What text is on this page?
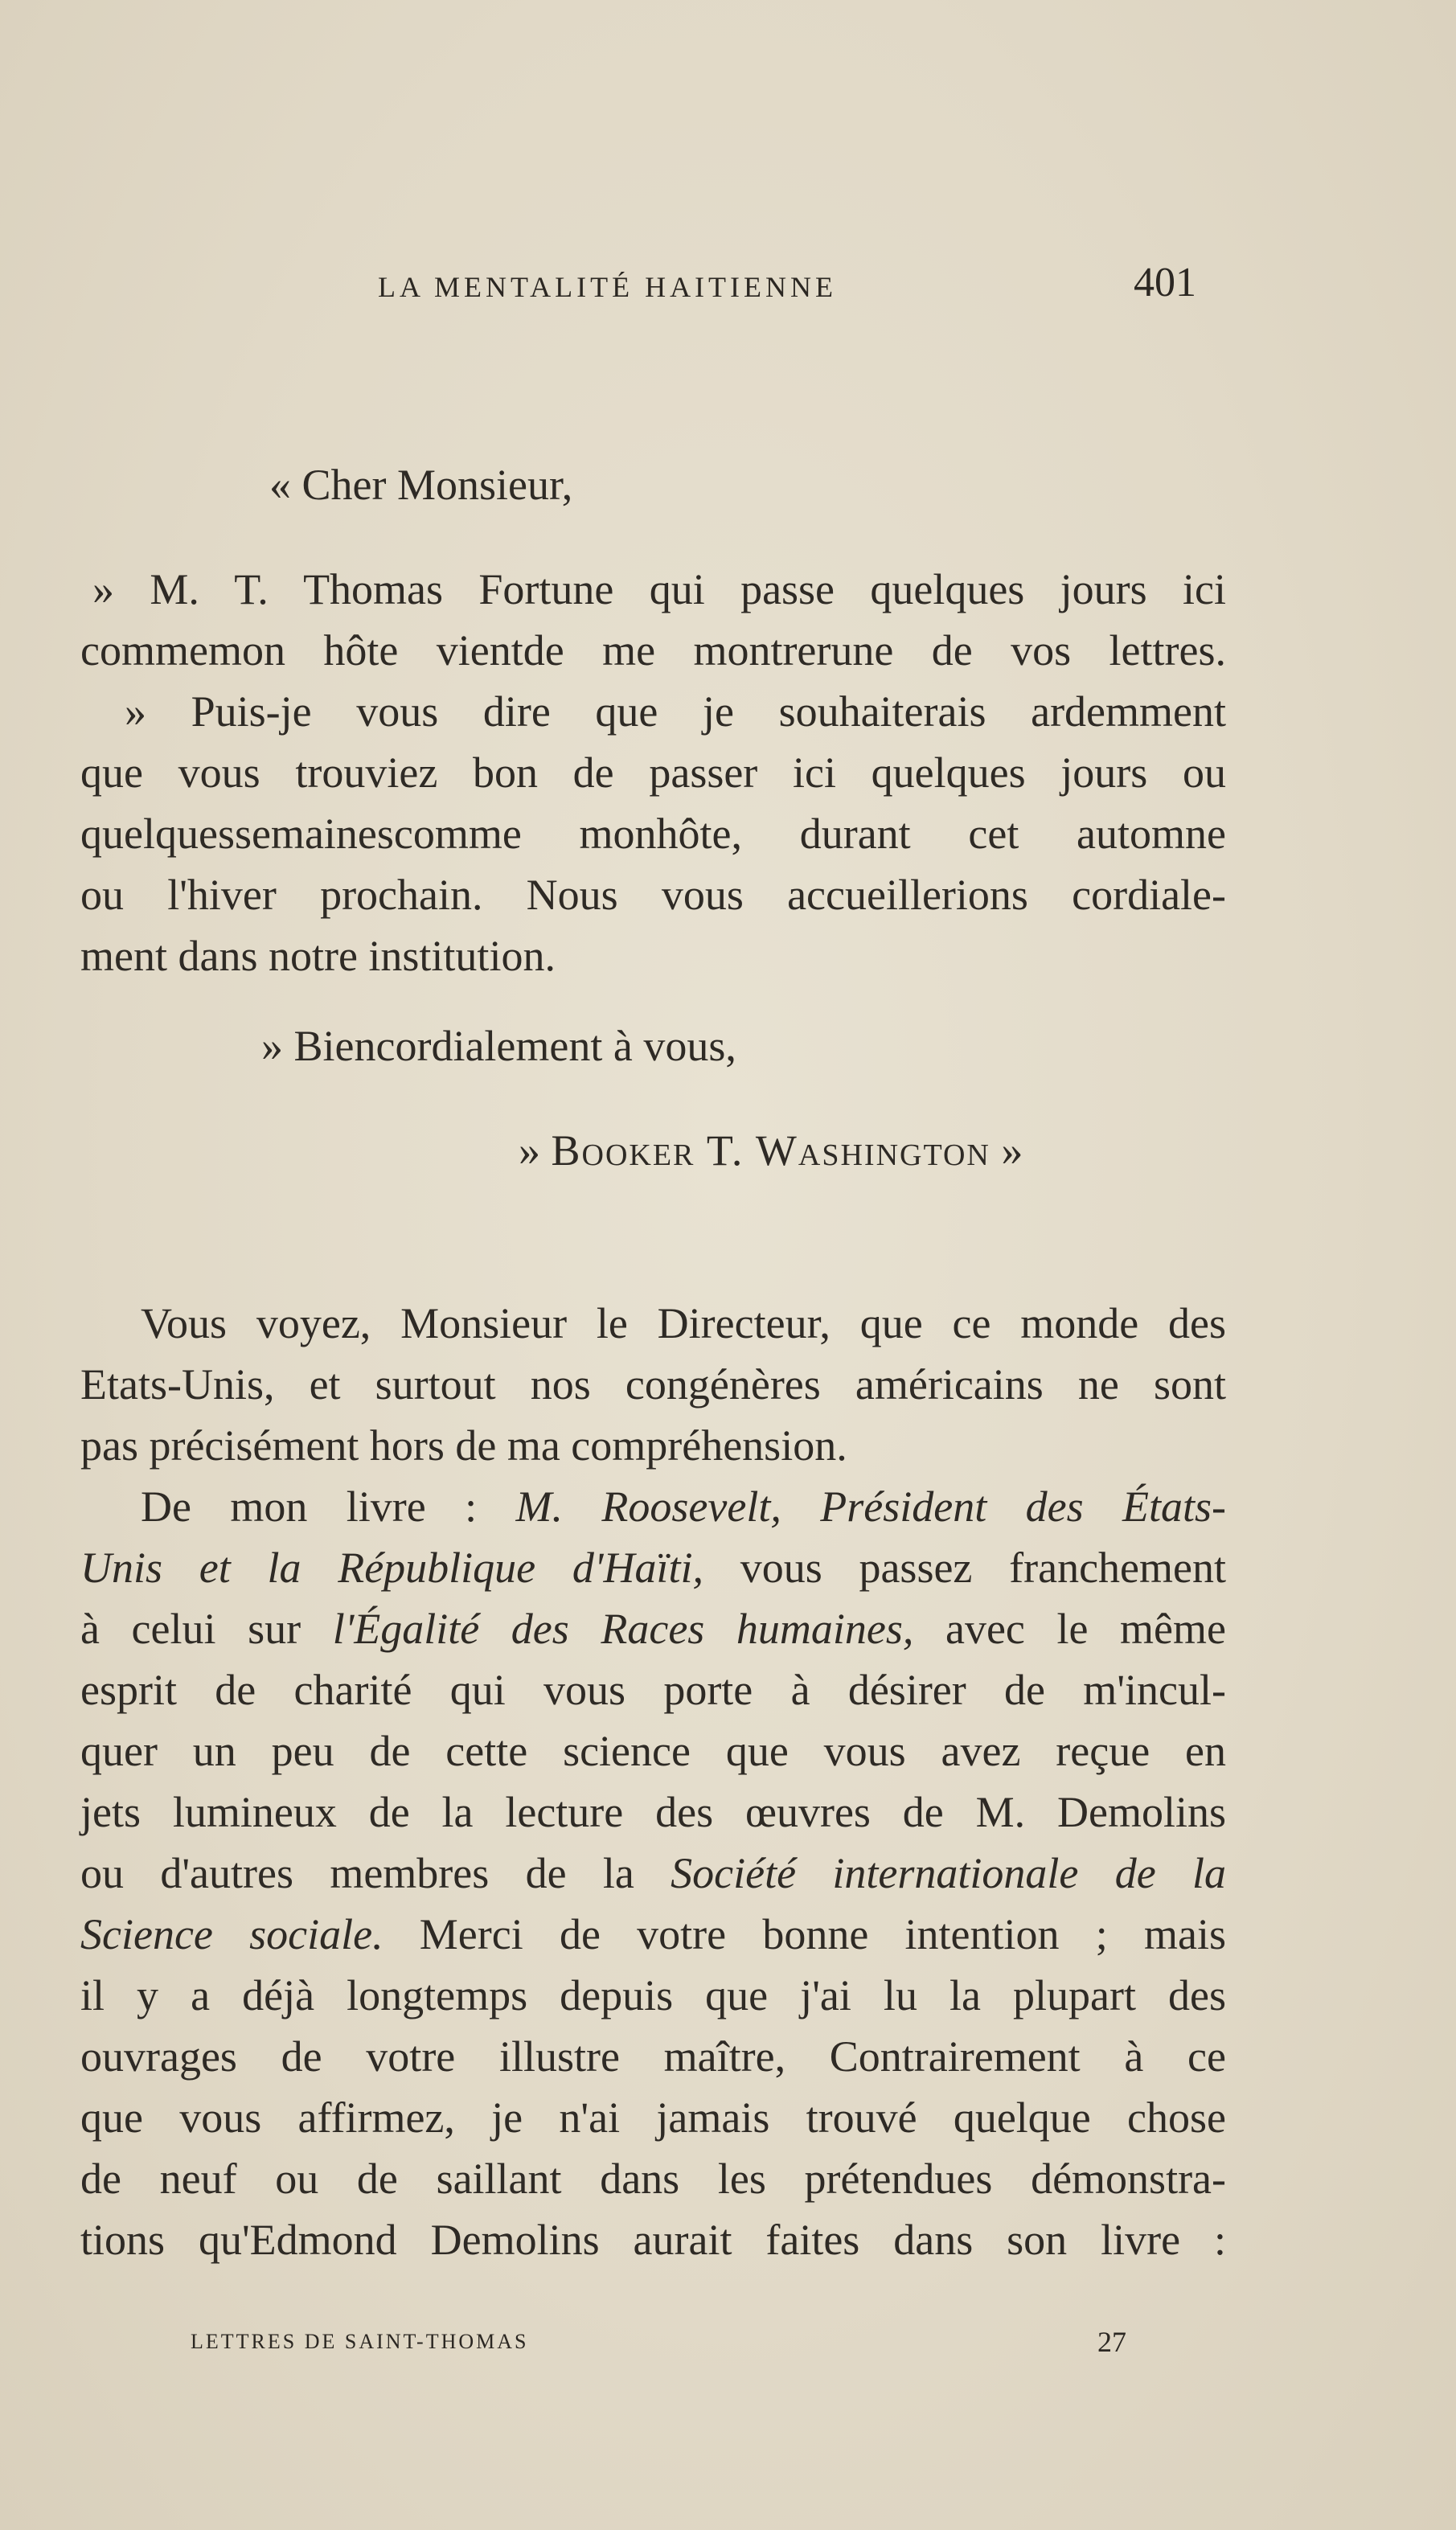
LA MENTALITÉ HAITIENNE	401
« Cher Monsieur,
» M. T. Thomas Fortune qui passe quelques jours ici
commemon hôte vientde me montrerune de vos lettres.
» Puis-je vous dire que je souhaiterais ardemment
que vous trouviez bon de passer ici quelques jours ou
quelquessemainescomme monhôte, durant cet automne
ou l'hiver prochain. Nous vous accueillerions cordiale-
ment dans notre institution.
» Biencordialement à vous,
» Booker T. Washington »
Vous voyez, Monsieur le Directeur, que ce monde des
Etats-Unis, et surtout nos congénères américains ne sont
pas précisément hors de ma compréhension.
De mon livre : M. Roosevelt, Président des États-
Unis et la République d'Haïti, vous passez franchement
à celui sur l'Égalité des Races humaines, avec le même
esprit de charité qui vous porte à désirer de m'incul-
quer un peu de cette science que vous avez reçue en
jets lumineux de la lecture des œuvres de M. Demolins
ou d'autres membres de la Société internationale de la
Science sociale. Merci de votre bonne intention ; mais
il y a déjà longtemps depuis que j'ai lu la plupart des
ouvrages de votre illustre maître, Contrairement à ce
que vous affirmez, je n'ai jamais trouvé quelque chose
de neuf ou de saillant dans les prétendues démonstra-
tions qu'Edmond Demolins aurait faites dans son livre :
LETTRES DE SAINT-THOMAS	27
